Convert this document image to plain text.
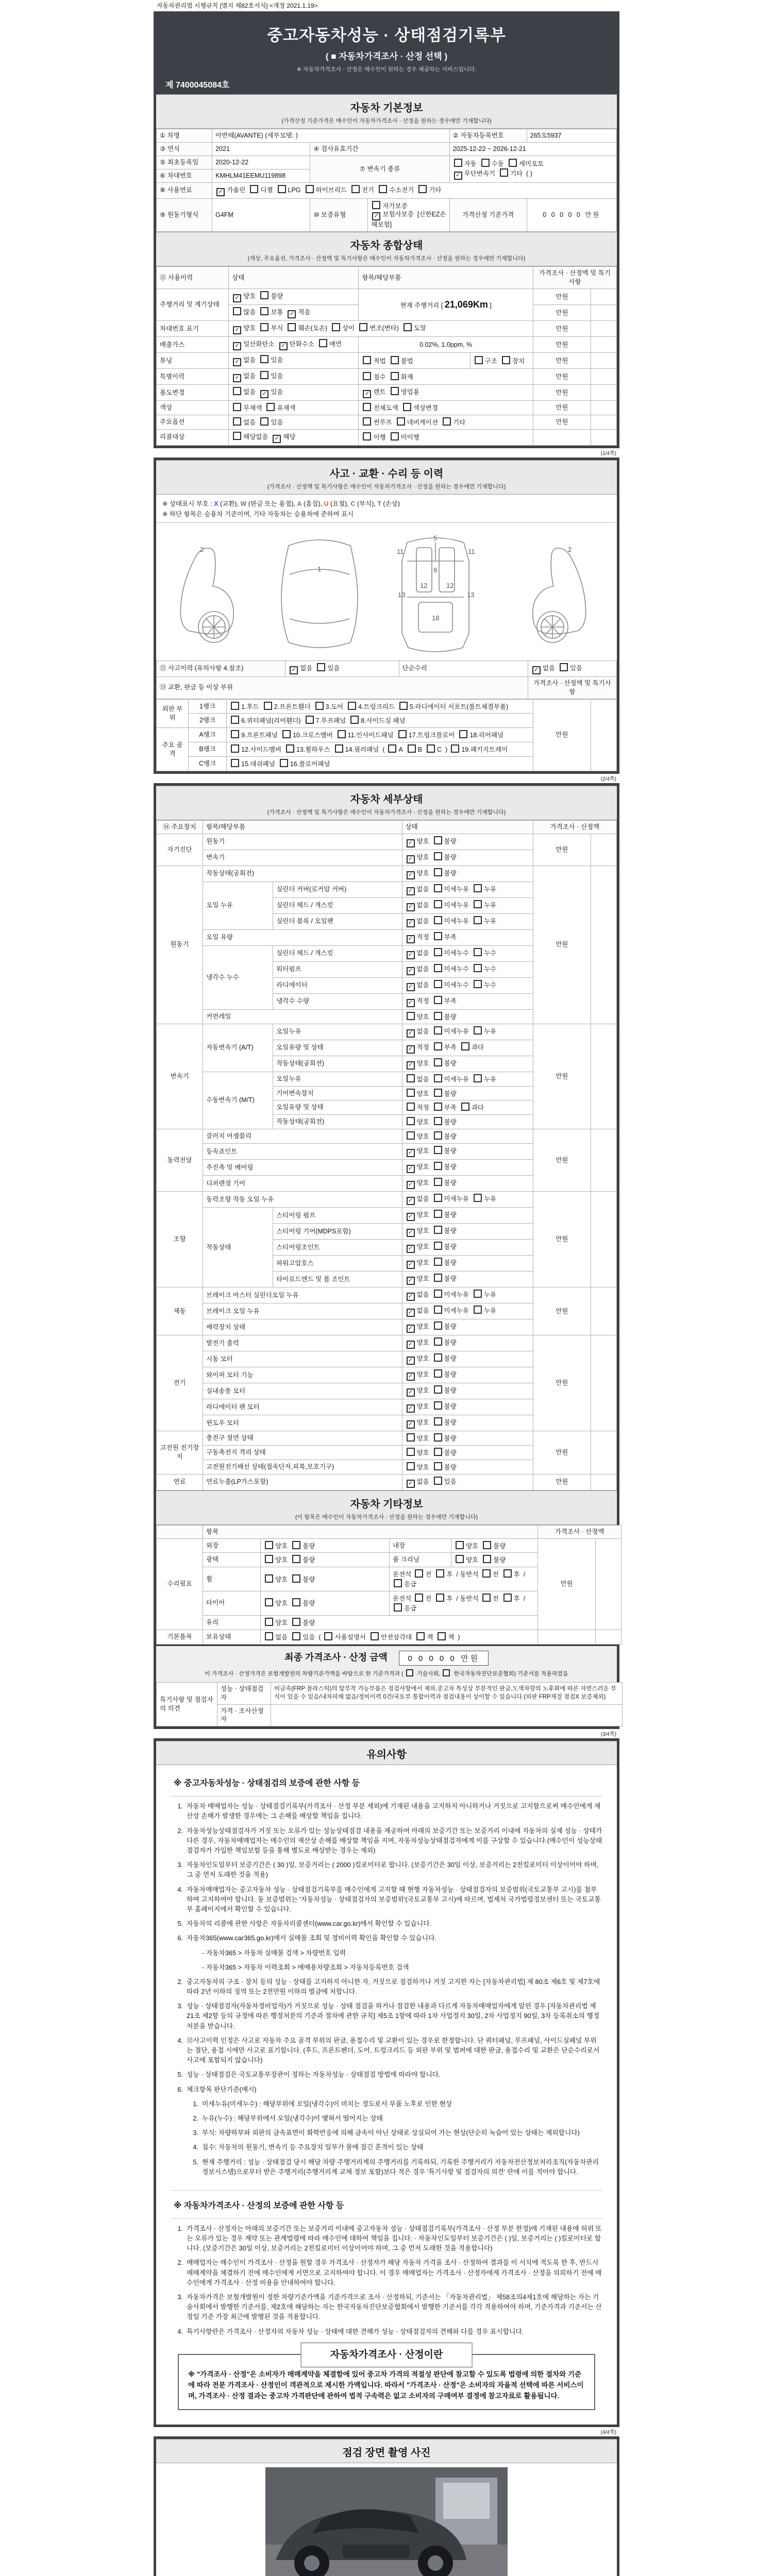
자동차관리법 시행규칙 [별지 제82호서식] <개정 2021.1.19>
중고자동차성능 · 상태점검기록부
( ■ 자동차가격조사 · 산정 선택 )
※ 자동차가격조사 · 산정은 매수인이 원하는 경우 제공하는 서비스입니다.
제 7400045084호
자동차 기본정보
(가격산정 기준가격은 매수인이 자동차가격조사 · 산정을 원하는 경우에만 기재합니다)
① 차명	아반떼(AVANTE) (세부모델: )			② 자동차등록번호	265오5937
③ 연식	2021	④ 검사유효기간		2025-12-22 ~ 2026-12-21	
⑤ 최초등록일	2020-12-22	⑦ 변속기 종류		자동 수동 세미오토
✓ 무단변속기 기타 ( )	
⑥ 차대번호	KMHLM41EEMU119898				
⑧ 사용연료	✓ 가솔린 디젤 LPG 하이브리드 전기 수소전기 기타				
⑨ 원동기형식	G4FM	⑩ 보증유형	자가보증✓ 보험사보증 [신한EZ손해보험]	가격산정 기준가격	0 0 0 0 0 만원
자동차 종합상태
(색상, 주요옵션, 가격조사 · 산정액 및 특기사항은 매수인이 자동차가격조사 · 산정을 원하는 경우에만 기재합니다)
⑪ 사용이력	상태	항목/해당부품		가격조사 · 산정액 및 특기사항	
주행거리 및 계기상태	✓ 양호 불량	현재 주행거리 [ 21,069Km ]		만원	
	많음 보통 ✓ 적음			만원	
차대번호 표기	✓ 양호 부식 훼손(오손) 상이 변조(변타) 도말			만원	
배출가스	✓ 일산화탄소 ✓ 탄화수소 매연	0.02%, 1.0ppm, %		만원	
튜닝	✓ 없음 있음	적법 불법	구조 장치	만원	
특별이력	✓ 없음 있음	침수 화재		만원	
용도변경	없음 ✓ 있음	✓ 렌트 영업용		만원	
색상	무채색 유채색	전체도색 색상변경		만원	
주요옵션	없음 있음	썬루프 네비게이션 기타		만원	
리콜대상	해당없음 ✓ 해당	이행 미이행			
(1/4쪽)
사고 · 교환 · 수리 등 이력
(가격조사 · 산정액 및 특기사항은 매수인이 자동차가격조사 · 산정을 원하는 경우에만 기재합니다)
※ 상태표시 부호 : X (교환), W (판금 또는 용접), A (흠집), U (요철), C (부식), T (손상)
※ 하단 항목은 승용차 기준이며, 기타 자동차는 승용차에 준하여 표시
2
1
11	11
5
9
12	12
13	13
18
2
⑫ 사고이력 (유의사항 4.참조)	✓ 없음 있음	단순수리	✓ 없음 있음
⑬ 교환, 판금 등 이상 부위			가격조사 · 산정액 및 특기사항
외판 부위	1랭크	1.후드 2.프론트휀더 3.도어 4.트렁크리드 5.라디에이터 서포트(볼트체결부품)	만원	
	2랭크	6.쿼터패널(리어휀더) 7.루프패널 8.사이드실 패널		
주요 골격	A랭크	9.프론트패널 10.크로스멤버 11.인사이드패널 17.트렁크플로어 18.리어패널		
	B랭크	12.사이드멤버 13.휠하우스 14.필러패널 ( A B C ) 19.패키지트레이		
	C랭크	15.대쉬패널 16.플로어패널		
(2/4쪽)
자동차 세부상태
(가격조사 · 산정액 및 특기사항은 매수인이 자동차가격조사 · 산정을 원하는 경우에만 기재합니다)
⑭ 주요장치	항목/해당부품		상태	가격조사 · 산정액	
자기진단	원동기		✓ 양호 불량	만원	
	변속기		✓ 양호 불량		
원동기	작동상태(공회전)		✓ 양호 불량	만원	
	오일 누유	실린더 커버(로커암 커버)	✓ 없음 미세누유 누유		
		실린더 헤드 / 개스킷	✓ 없음 미세누유 누유		
		실린더 블록 / 오일팬	✓ 없음 미세누유 누유		
	오일 유량		✓ 적정 부족		
	냉각수 누수	실린더 헤드 / 개스킷	✓ 없음 미세누수 누수		
		워터펌프	✓ 없음 미세누수 누수		
		라디에이터	✓ 없음 미세누수 누수		
		냉각수 수량	✓ 적정 부족		
	커먼레일		양호 불량		
변속기	자동변속기 (A/T)	오일누유	✓ 없음 미세누유 누유	만원	
		오일유량 및 상태	✓ 적정 부족 과다		
		작동상태(공회전)	✓ 양호 불량		
	수동변속기 (M/T)	오일누유	없음 미세누유 누유		
		기어변속장치	양호 불량		
		오일유량 및 상태	적정 부족 과다		
		작동상태(공회전)	양호 불량		
동력전달	클러치 어셈블리		양호 불량	만원	
	등속죠인트		✓ 양호 불량		
	추진축 및 베어링		✓ 양호 불량		
	디퍼렌셜 기어		✓ 양호 불량		
조향	동력조향 작동 오일 누유		✓ 없음 미세누유 누유	만원	
	작동상태	스티어링 펌프	✓ 양호 불량		
		스티어링 기어(MDPS포함)	✓ 양호 불량		
		스티어링조인트	✓ 양호 불량		
		파워고압호스	✓ 양호 불량		
		타이로드엔드 및 볼 조인트	✓ 양호 불량		
제동	브레이크 마스터 실린더오일 누유		✓ 없음 미세누유 누유	만원	
	브레이크 오일 누유		✓ 없음 미세누유 누유		
	배력장치 상태		✓ 양호 불량		
전기	발전기 출력		✓ 양호 불량	만원	
	시동 모터		✓ 양호 불량		
	와이퍼 모터 기능		✓ 양호 불량		
	실내송풍 모터		✓ 양호 불량		
	라디에이터 팬 모터		✓ 양호 불량		
	윈도우 모터		✓ 양호 불량		
고전원 전기장치	충전구 절연 상태		양호 불량	만원	
	구동축전지 격리 상태		양호 불량		
	고전원전기배선 상태(접속단자,피복,보호기구)		양호 불량		
연료	연료누출(LP가스포함)		✓ 없음 있음	만원	
자동차 기타정보
(이 항목은 매수인이 자동차가격조사 · 산정을 원하는 경우에만 기재합니다)
	항목				가격조사 · 산정액	
수리필요	외장	양호 불량	내장	양호 불량	만원	
	광택	양호 불량	룸 크리닝	양호 불량		
	휠	양호 불량	운전석 전 후 / 동반석 전 후 /응급			
	타이어	양호 불량	운전석 전 후 / 동반석 전 후 /응급			
	유리	양호 불량				
기본품목	보유상태	없음 있음 ( 사용설명서 안전삼각대 잭 잭 )				
최종 가격조사 · 산정 금액	0 0 0 0 0 만원
이 가격조사 · 산정가격은 보험개발원의 차량기준가액을 바탕으로 한 기준가격과 ( 기술사회, 한국자동차진단보증협회) 기준서를 적용하였음
특기사항 및 점검자의 의견	성능 · 상태점검 자	비금속(FRP 플라스틱)의 탈부착 가능부품은 점검사항에서 제외,중고차 특성상 부분적인 판금,도색차량의 노후화에 따른 자연스러운 부식이 있을 수 있음/내차피해 없음/정비이력 0건/국토부 통합이력과 점검내용이 상이할 수 있습니다.(외판 FRP재질 점검X 보증제외)
	가격 · 조사산정 자	
(3/4쪽)
유의사항
※ 중고자동차성능 · 상태점검의 보증에 관한 사항 등
1. 자동차 매매업자는 성능 · 상태점검기록부(가격조사 · 산정 부분 제외)에 기재된 내용을 고지하지 아니하거나 거짓으로 고지함으로써 매수인에게 재산상 손해가 발생한 경우에는 그 손해를 배상할 책임을 집니다.
2. 자동차성능상태점검자가 거짓 또는 오류가 있는 성능상태점검 내용을 제공하여 아래의 보증기간 또는 보증거리 이내에 자동차의 실제 성능 · 상태가 다른 경우, 자동차매매업자는 매수인의 재산상 손해를 배상할 책임을 지며, 자동차성능상태점검자에게 이를 구상할 수 있습니다.(매수인이 성능상태점검자가 가입한 책임보험 등을 통해 별도로 배상받는 경우는 제외)
3. 자동차인도일부터 보증기간은 ( 30 )일, 보증거리는 ( 2000 )킬로미터로 합니다. (보증기간은 30일 이상, 보증거리는 2천킬로미터 이상이어야 하며, 그 중 먼저 도래한 것을 적용)
4. 자동차매매업자는 중고자동차 성능 · 상태점검기록부를 매수인에게 고지할 때 현행 자동차성능 · 상태점검자의 보증범위(국토교통부 고시)를 첨부하여 고지하여야 합니다. 동 보증범위는 '자동차성능 · 상태점검자의 보증범위'(국토교통부 고시)에 따르며, 법제처 국가법령정보센터 또는 국토교통부 홈페이지에서 확인할 수 있습니다.
5. 자동차의 리콜에 관한 사항은 자동차리콜센터(www.car.go.kr)에서 확인할 수 있습니다.
6. 자동차365(www.car365.go.kr)에서 실매물 조회 및 정비이력 확인을 확인할 수 있습니다.
- 자동차365 > 자동차 실매물 검색 > 차량번호 입력
- 자동차365 > 자동차 이력조회 > 매매용차량조회 > 자동차등록번호 검색
2. 중고자동차의 구조 · 장치 등의 성능 · 상태를 고지하지 아니한 자, 거짓으로 점검하거나 거짓 고지한 자는 [자동차관리법] 제 80조 제6호 및 제7호에 따라 2년 이하의 징역 또는 2천만원 이하의 벌금에 처합니다.
3. 성능 · 상태점검자(자동차정비업자)가 거짓으로 성능 · 상태 점검을 하거나 점검한 내용과 다르게 자동차매매업자에게 알린 경우 [자동차관리법 제21조 제2항 등의 규정에 따른 행정처분의 기준과 절차에 관한 규칙] 제5조 1항에 따라 1차 사업정지 30일, 2차 사업정지 90일, 3차 등록취소의 행정처분을 받습니다.
4. ⑫사고이력 인정은 사고로 자동차 주요 골격 부위의 판금, 용접수리 및 교환이 있는 경우로 한정합니다. 단 쿼터패널, 루프패널, 사이드실패널 부위는 절단, 용접 시에만 사고로 표기합니다. (후드, 프론트펜더, 도어, 트렁크리드 등 외판 부위 및 범퍼에 대한 판금, 용접수리 및 교환은 단순수리로서 사고에 포함되지 않습니다)
5. 성능 · 상태점검은 국토교통부장관이 정하는 자동차성능 · 상태점검 방법에 따라야 합니다.
6. 체크항목 판단기준(예시)
1. 미세누유(미세누수) : 해당부위에 오일(냉각수)이 비치는 정도로서 부품 노후로 인한 현상
2. 누유(누수) : 해당부위에서 오일(냉각수)이 맺혀서 떨어지는 상태
3. 부식: 차량하부와 외판의 금속표면이 화학반응에 의해 금속이 아닌 상태로 상실되어 가는 현상(단순히 녹슬어 있는 상태는 제외합니다)
4. 침수: 자동차의 원동기, 변속기 등 주요장치 일부가 물에 잠긴 흔적이 있는 상태
5. 현재 주행거리 : 성능 · 상태점검 당시 해당 차량 주행거리계의 주행거리를 기록하되, 기록한 주행거리가 자동차전산정보처리조직(자동차관리정보시스템)으로부터 받은 주행거리(주행거리계 교체 정보 포함)보다 적은 경우 '특기사항 및 점검자의 의견' 란에 이를 적어야 합니다.
※ 자동차가격조사 · 산정의 보증에 관한 사항 등
1. 가격조사 · 산정자는 아래의 보증기간 또는 보증거리 이내에 중고자동차 성능 · 상태점검기록부(가격조사 · 산정 부분 한정)에 기재된 내용에 허위 또는 오류가 있는 경우 계약 또는 관계법령에 따라 매수인에 대하여 책임을 집니다. · 자동차인도일부터 보증기간은 ( )일, 보증거리는 ( )킬로미터로 합니다. (보증기간은 30일 이상, 보증거리는 2천킬로미터 이상이어야 하며, 그 중 먼저 도래한 것을 적용합니다)
2. 매매업자는 매수인이 가격조사 · 산정을 원할 경우 가격조사 · 산정자가 해당 자동차 가격을 조사 · 산정하여 결과를 이 서식에 적도록 한 후, 반드시 매매계약을 체결하기 전에 매수인에게 서면으로 고지하여야 합니다. 이 경우 매매업자는 가격조사 · 산정자에게 가격조사 · 산정을 의뢰하기 전에 매수인에게 가격조사 · 산정 비용을 안내하여야 합니다.
3. 자동차가격은 보험개발원이 정한 차량기준가액을 기준가격으로 조사 · 산정하되, 기준서는 「자동차관리법」 제58조의4제1호에 해당하는 자는 기술사회에서 발행한 기준서를, 제2호에 해당하는 자는 한국자동차진단보증협회에서 발행한 기준서를 각각 적용하여야 하며, 기준가격과 기준서는 산정일 기준 가장 최근에 발행된 것을 적용합니다.
4. 특기사항란은 가격조사 · 산정자의 자동차 성능 · 상태에 대한 견해가 성능 · 상태점검자의 견해와 다를 경우 표시합니다.
자동차가격조사 · 산정이란
※ "가격조사 · 산정"은 소비자가 매매계약을 체결함에 있어 중고차 가격의 적절성 판단에 참고할 수 있도록 법령에 의한 절차와 기준에 따라 전문 가격조사 · 산정인이 객관적으로 제시한 가액입니다. 따라서 "가격조사 · 산정"은 소비자의 자율적 선택에 따른 서비스이며, 가격조사 · 산정 결과는 중고차 가격판단에 관하여 법적 구속력은 없고 소비자의 구매여부 결정에 참고자료로 활용됩니다.
(4/4쪽)
점검 장면 촬영 사진
